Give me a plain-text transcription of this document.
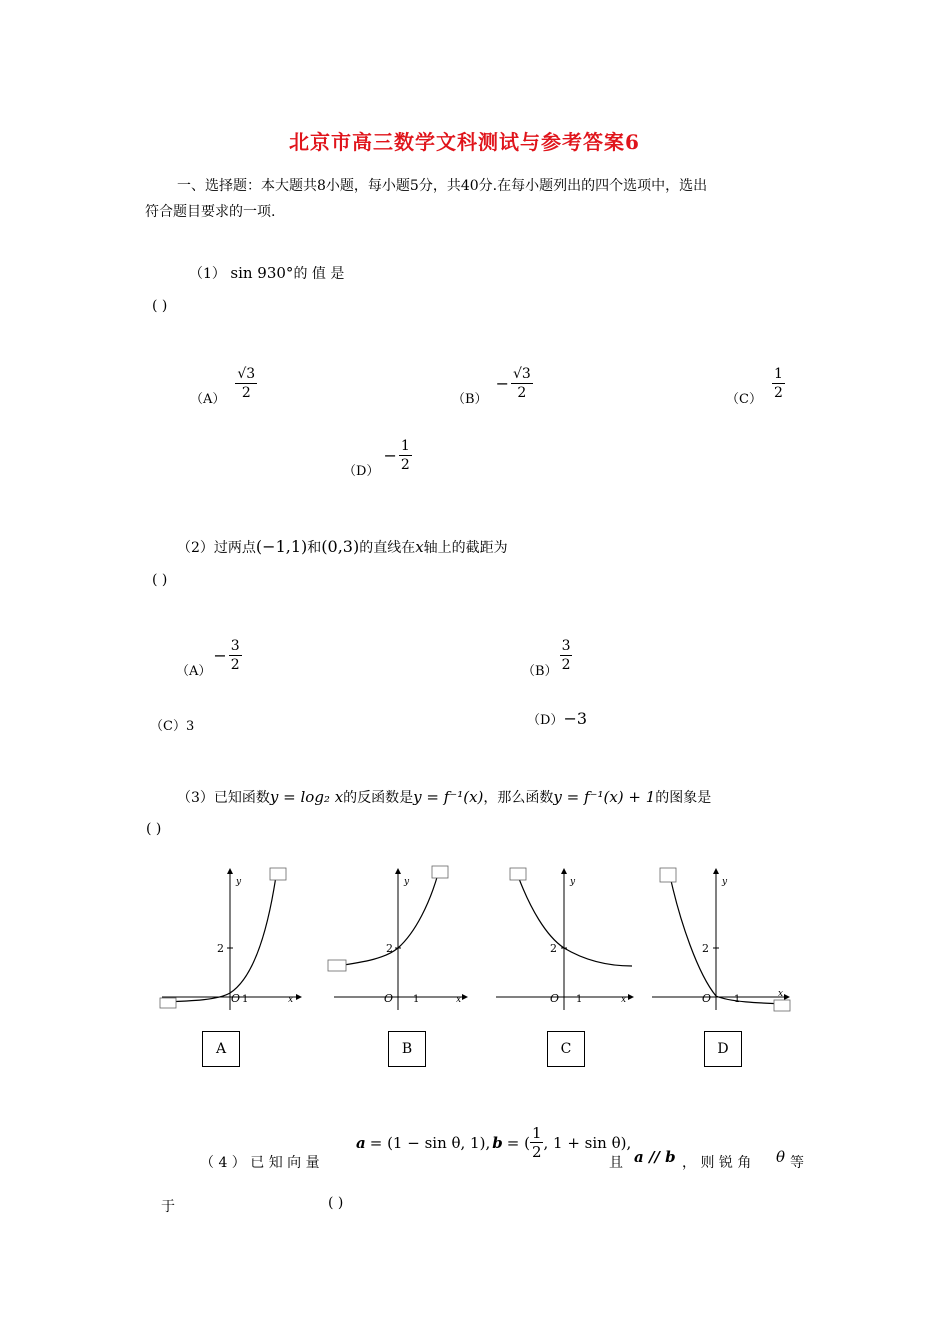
北京市高三数学文科测试与参考答案6
一、选择题：本大题共8小题，每小题5分，共40分.在每小题列出的四个选项中，选出
符合题目要求的一项.
（1） sin 930°的 值 是
( )
$(A) \frac{√3}{2}$	（B）
− $\frac{√3}{2}$	$(C) \frac{1}{2}$
（D）
− $\frac{1}{2}$
（2）过两点(−1,1)和(0,3)的直线在x轴上的截距为
( )
（A）
− $\frac{3}{2}$	$(B) \frac{3}{2}$
（C）3	（D）−3
（3）已知函数y = log₂ x的反函数是y = f⁻¹(x)，那么函数y = f⁻¹(x) + 1的图象是
( )
2
O 1	x
y
2
O 1	x
y
2
O 1	x
y
2
O 1	x
y
A	B	C	D
（ 4 ） 已 知 向 量
a = (1 − sin θ, 1), b = ( $\frac{1}{2}$ , 1 + sin θ),
且 a // b ， 则 锐 角 θ 等
于	( )
